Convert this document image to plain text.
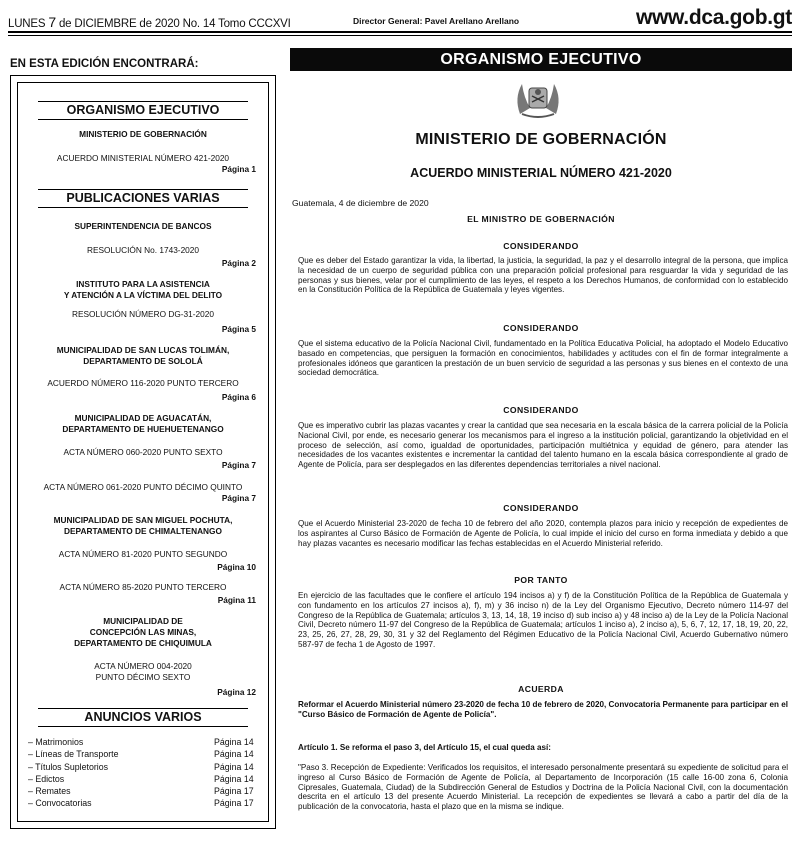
LUNES 7 de DICIEMBRE de 2020 No. 14 Tomo CCCXVI	Director General: Pavel Arellano Arellano	www.dca.gob.gt
EN ESTA EDICIÓN ENCONTRARÁ:
ORGANISMO EJECUTIVO
MINISTERIO DE GOBERNACIÓN
ACUERDO MINISTERIAL NÚMERO 421-2020
Página 1
PUBLICACIONES VARIAS
SUPERINTENDENCIA DE BANCOS
RESOLUCIÓN No. 1743-2020
Página 2
INSTITUTO PARA LA ASISTENCIA
Y ATENCIÓN A LA VÍCTIMA DEL DELITO
RESOLUCIÓN NÚMERO DG-31-2020
Página 5
MUNICIPALIDAD DE SAN LUCAS TOLIMÁN,
DEPARTAMENTO DE SOLOLÁ
ACUERDO NÚMERO 116-2020 PUNTO TERCERO
Página 6
MUNICIPALIDAD DE AGUACATÁN,
DEPARTAMENTO DE HUEHUETENANGO
ACTA NÚMERO 060-2020 PUNTO SEXTO
Página 7
ACTA NÚMERO 061-2020 PUNTO DÉCIMO QUINTO
Página 7
MUNICIPALIDAD DE SAN MIGUEL POCHUTA,
DEPARTAMENTO DE CHIMALTENANGO
ACTA NÚMERO 81-2020 PUNTO SEGUNDO
Página 10
ACTA NÚMERO 85-2020 PUNTO TERCERO
Página 11
MUNICIPALIDAD DE
CONCEPCIÓN LAS MINAS,
DEPARTAMENTO DE CHIQUIMULA
ACTA NÚMERO 004-2020
PUNTO DÉCIMO SEXTO
Página 12
ANUNCIOS VARIOS
– Matrimonios	Página 14
– Líneas de Transporte	Página 14
– Títulos Supletorios	Página 14
– Edictos	Página 14
– Remates	Página 17
– Convocatorias	Página 17
ORGANISMO EJECUTIVO
MINISTERIO DE GOBERNACIÓN
ACUERDO MINISTERIAL NÚMERO 421-2020
Guatemala, 4 de diciembre de 2020
EL MINISTRO DE GOBERNACIÓN
CONSIDERANDO
Que es deber del Estado garantizar la vida, la libertad, la justicia, la seguridad, la paz y el desarrollo integral de la persona, que implica la necesidad de un cuerpo de seguridad pública con una preparación policial profesional para resguardar la vida y seguridad de las personas y sus bienes, velar por el cumplimiento de las leyes, el respeto a los Derechos Humanos, de conformidad con lo establecido en la Constitución Política de la República de Guatemala y leyes vigentes.
CONSIDERANDO
Que el sistema educativo de la Policía Nacional Civil, fundamentado en la Política Educativa Policial, ha adoptado el Modelo Educativo basado en competencias, que persiguen la formación en conocimientos, habilidades y actitudes con el fin de formar integralmente a profesionales idóneos que garanticen la prestación de un buen servicio de seguridad a las personas y sus bienes en el contexto de una sociedad democrática.
CONSIDERANDO
Que es imperativo cubrir las plazas vacantes y crear la cantidad que sea necesaria en la escala básica de la carrera policial de la Policía Nacional Civil, por ende, es necesario generar los mecanismos para el ingreso a la institución policial, garantizando la objetividad en el proceso de selección, así como, igualdad de oportunidades, participación multiétnica y equidad de género, para atender las necesidades de los vacantes existentes e incrementar la cantidad del talento humano en la escala básica correspondiente al grado de Agente de Policía, para ser desplegados en las diferentes dependencias territoriales a nivel nacional.
CONSIDERANDO
Que el Acuerdo Ministerial 23-2020 de fecha 10 de febrero del año 2020, contempla plazos para inicio y recepción de expedientes de los aspirantes al Curso Básico de Formación de Agente de Policía, lo cual impide el inicio del curso en forma inmediata y debido a que hay plazas vacantes es necesario modificar las fechas establecidas en el Acuerdo Ministerial referido.
POR TANTO
En ejercicio de las facultades que le confiere el artículo 194 incisos a) y f) de la Constitución Política de la República de Guatemala y con fundamento en los artículos 27 incisos a), f), m) y 36 inciso n) de la Ley del Organismo Ejecutivo, Decreto número 114-97 del Congreso de la República de Guatemala; artículos 3, 13, 14, 18, 19 inciso d) sub inciso a) y 48 inciso a) de la Ley de la Policía Nacional Civil, Decreto número 11-97 del Congreso de la República de Guatemala; artículos 1 inciso a), 2 inciso a), 5, 6, 7, 12, 17, 18, 19, 20, 22, 23, 25, 26, 27, 28, 29, 30, 31 y 32 del Reglamento del Régimen Educativo de la Policía Nacional Civil, Acuerdo Gubernativo número 587-97 de fecha 1 de Agosto de 1997.
ACUERDA
Reformar el Acuerdo Ministerial número 23-2020 de fecha 10 de febrero de 2020, Convocatoria Permanente para participar en el "Curso Básico de Formación de Agente de Policía".
Artículo 1. Se reforma el paso 3, del Artículo 15, el cual queda así:
"Paso 3. Recepción de Expediente: Verificados los requisitos, el interesado personalmente presentará su expediente de solicitud para el ingreso al Curso Básico de Formación de Agente de Policía, al Departamento de Incorporación (15 calle 16-00 zona 6, Colonia Cipresales, Guatemala, Ciudad) de la Subdirección General de Estudios y Doctrina de la Policía Nacional Civil, con la documentación descrita en el artículo 13 del presente Acuerdo Ministerial. La recepción de expedientes se llevará a cabo a partir del día de la publicación de la convocatoria, hasta el plazo que en la misma se indique.
